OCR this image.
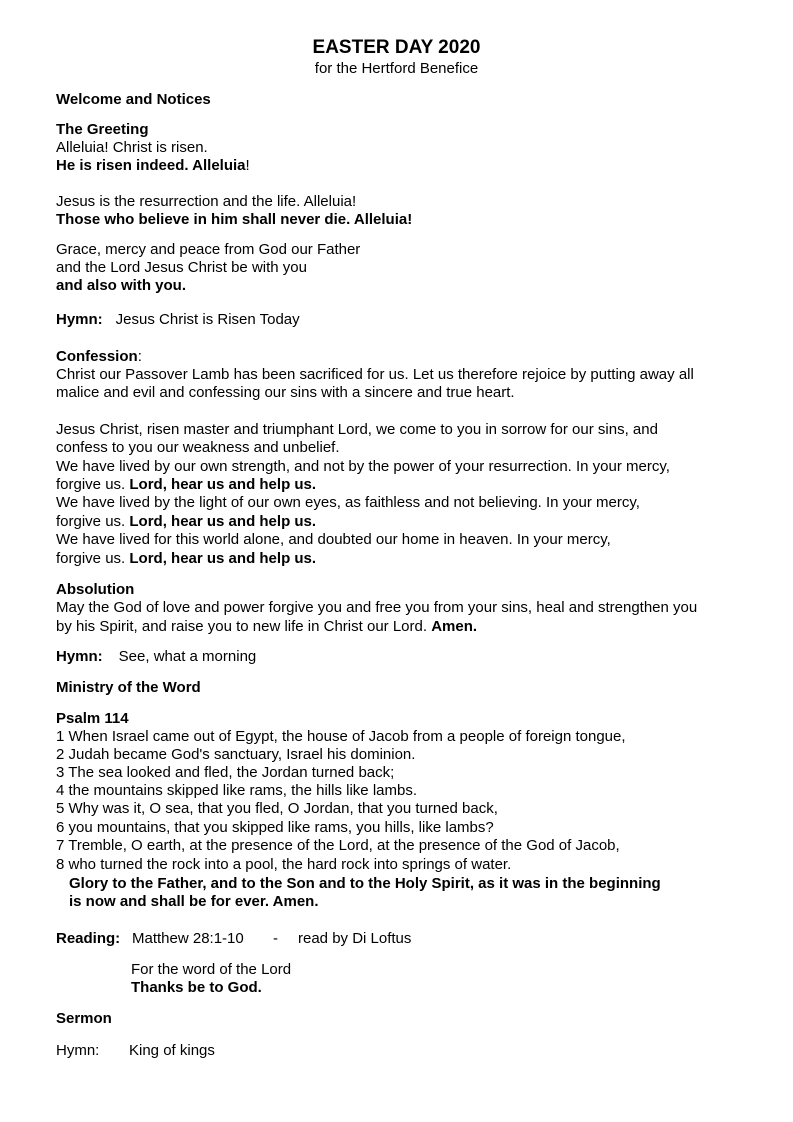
EASTER DAY 2020
for the Hertford Benefice
Welcome and Notices
The Greeting
Alleluia! Christ is risen.
He is risen indeed. Alleluia!
Jesus is the resurrection and the life. Alleluia!
Those who believe in him shall never die. Alleluia!
Grace, mercy and peace from God our Father
and the Lord Jesus Christ be with you
and also with you.
Hymn: Jesus Christ is Risen Today
Confession:
Christ our Passover Lamb has been sacrificed for us. Let us therefore rejoice by putting away all
malice and evil and confessing our sins with a sincere and true heart.
Jesus Christ, risen master and triumphant Lord, we come to you in sorrow for our sins, and
confess to you our weakness and unbelief.
We have lived by our own strength, and not by the power of your resurrection. In your mercy,
forgive us. Lord, hear us and help us.
We have lived by the light of our own eyes, as faithless and not believing. In your mercy,
forgive us. Lord, hear us and help us.
We have lived for this world alone, and doubted our home in heaven. In your mercy,
forgive us. Lord, hear us and help us.
Absolution
May the God of love and power forgive you and free you from your sins, heal and strengthen you
by his Spirit, and raise you to new life in Christ our Lord. Amen.
Hymn: See, what a morning
Ministry of the Word
Psalm 114
1 When Israel came out of Egypt, the house of Jacob from a people of foreign tongue,
2 Judah became God's sanctuary, Israel his dominion.
3 The sea looked and fled, the Jordan turned back;
4 the mountains skipped like rams, the hills like lambs.
5 Why was it, O sea, that you fled, O Jordan, that you turned back,
6 you mountains, that you skipped like rams, you hills, like lambs?
7 Tremble, O earth, at the presence of the Lord, at the presence of the God of Jacob,
8 who turned the rock into a pool, the hard rock into springs of water.
Glory to the Father, and to the Son and to the Holy Spirit, as it was in the beginning
is now and shall be for ever. Amen.
Reading: Matthew 28:1-10 - read by Di Loftus
For the word of the Lord
Thanks be to God.
Sermon
Hymn: King of kings
